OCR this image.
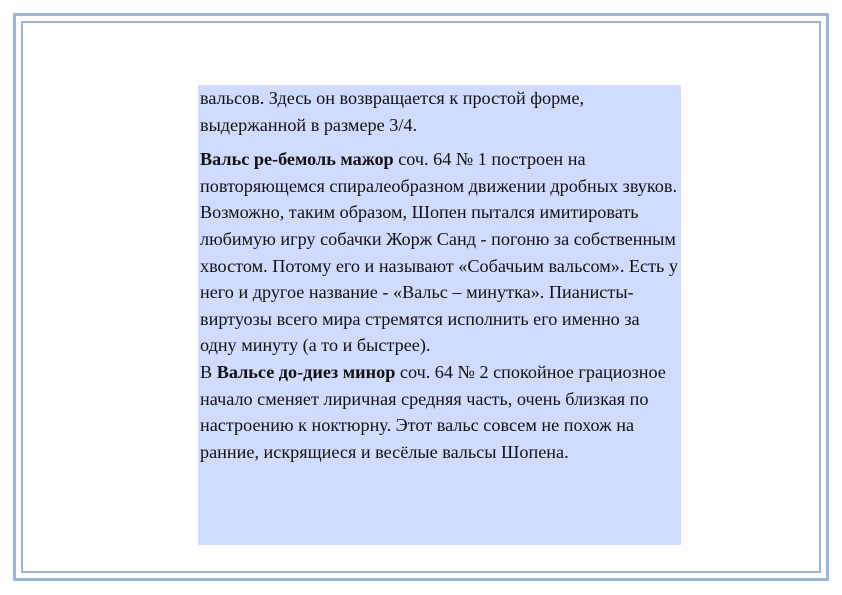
вальсов. Здесь он возвращается к простой форме, выдержанной в размере 3/4.

Вальс ре-бемоль мажор соч. 64 № 1 построен на повторяющемся спиралеобразном движении дробных звуков. Возможно, таким образом, Шопен пытался имитировать любимую игру собачки Жорж Санд - погоню за собственным хвостом. Потому его и называют «Собачьим вальсом». Есть у него и другое название - «Вальс – минутка». Пианисты-виртуозы всего мира стремятся исполнить его именно за одну минуту (а то и быстрее).

В Вальсе до-диез минор соч. 64 № 2 спокойное грациозное начало сменяет лиричная средняя часть, очень близкая по настроению к ноктюрну. Этот вальс совсем не похож на ранние, искрящиеся и весёлые вальсы Шопена.
